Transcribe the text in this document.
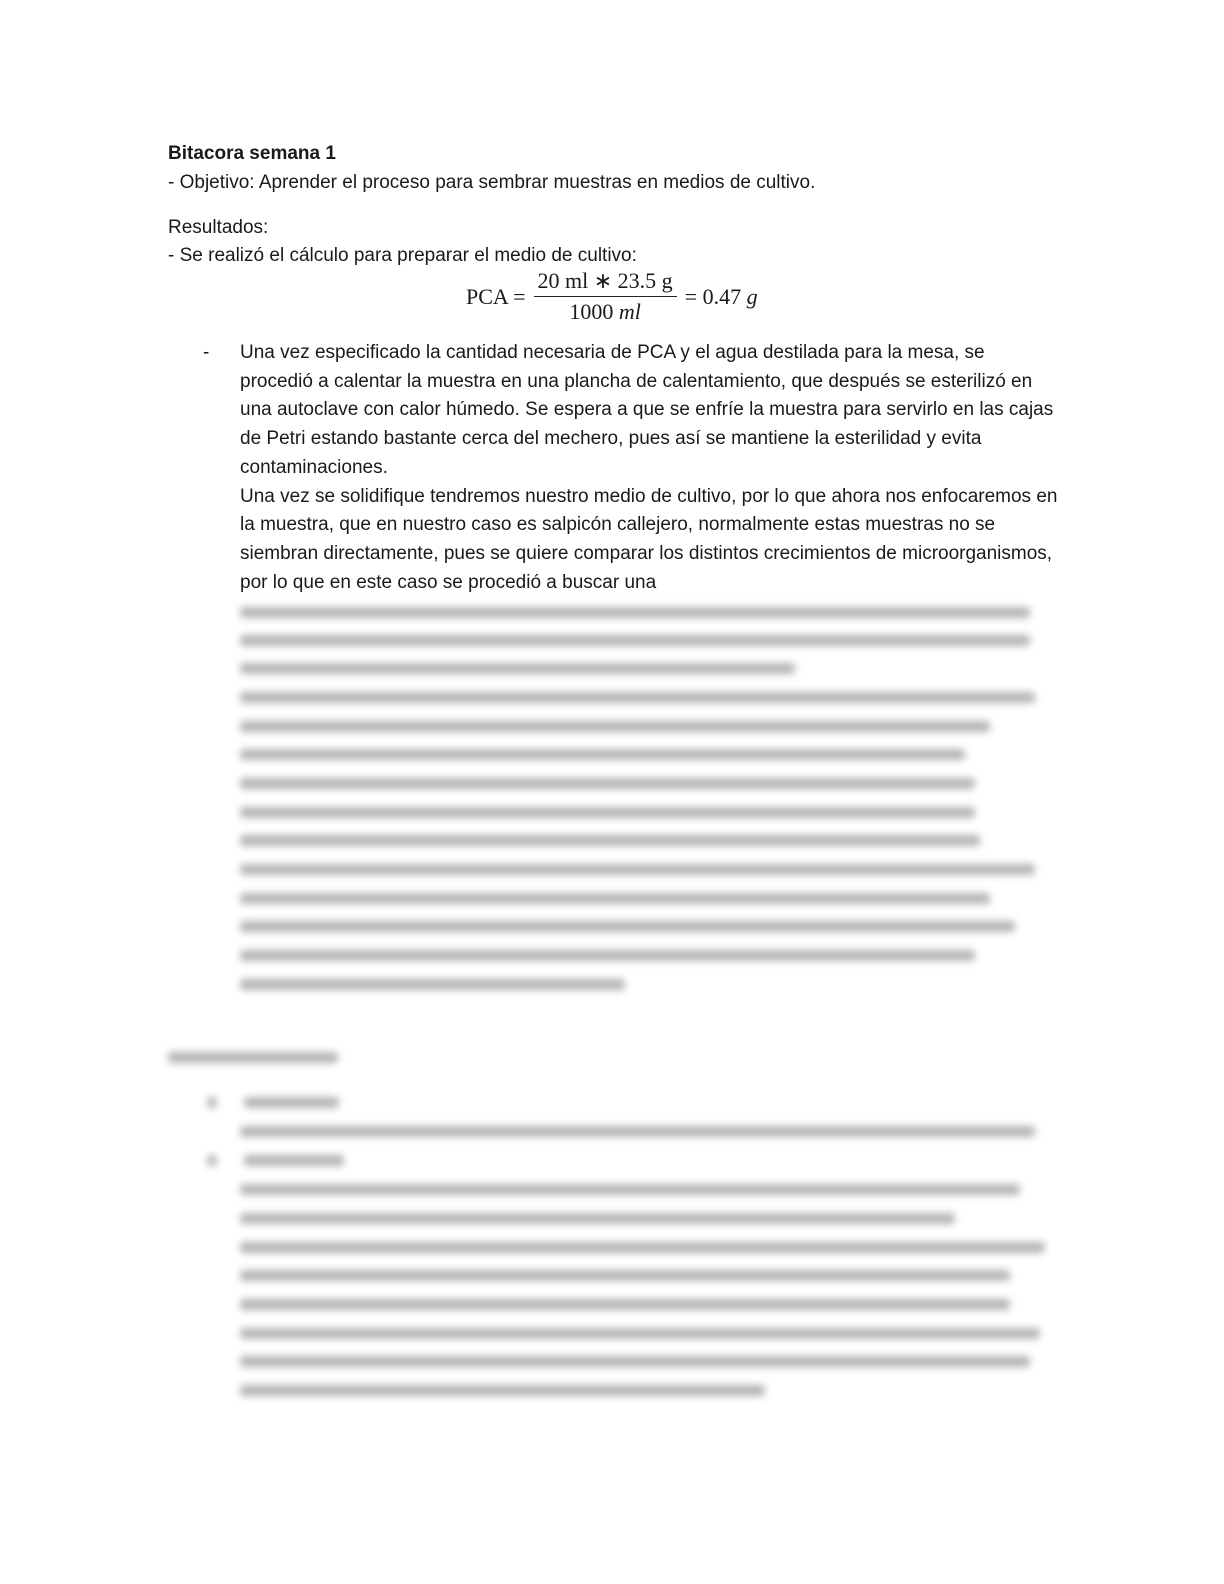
Bitacora semana 1
- Objetivo: Aprender el proceso para sembrar muestras en medios de cultivo.
Resultados:
- Se realizó el cálculo para preparar el medio de cultivo:
PCA = $\frac{20 ml ∗ 23.5 g}{1000 ml} = 0.47$
g
- Una vez especificado la cantidad necesaria de PCA y el agua destilada para la mesa, se procedió a calentar la muestra en una plancha de calentamiento, que después se esterilizó en una autoclave con calor húmedo. Se espera a que se enfríe la muestra para servirlo en las cajas de Petri estando bastante cerca del mechero, pues así se mantiene la esterilidad y evita contaminaciones.

Una vez se solidifique tendremos nuestro medio de cultivo, por lo que ahora nos enfocaremos en la muestra, que en nuestro caso es salpicón callejero, normalmente estas muestras no se siembran directamente, pues se quiere comparar los distintos crecimientos de microorganismos, por lo que en este caso se procedió a buscar una
